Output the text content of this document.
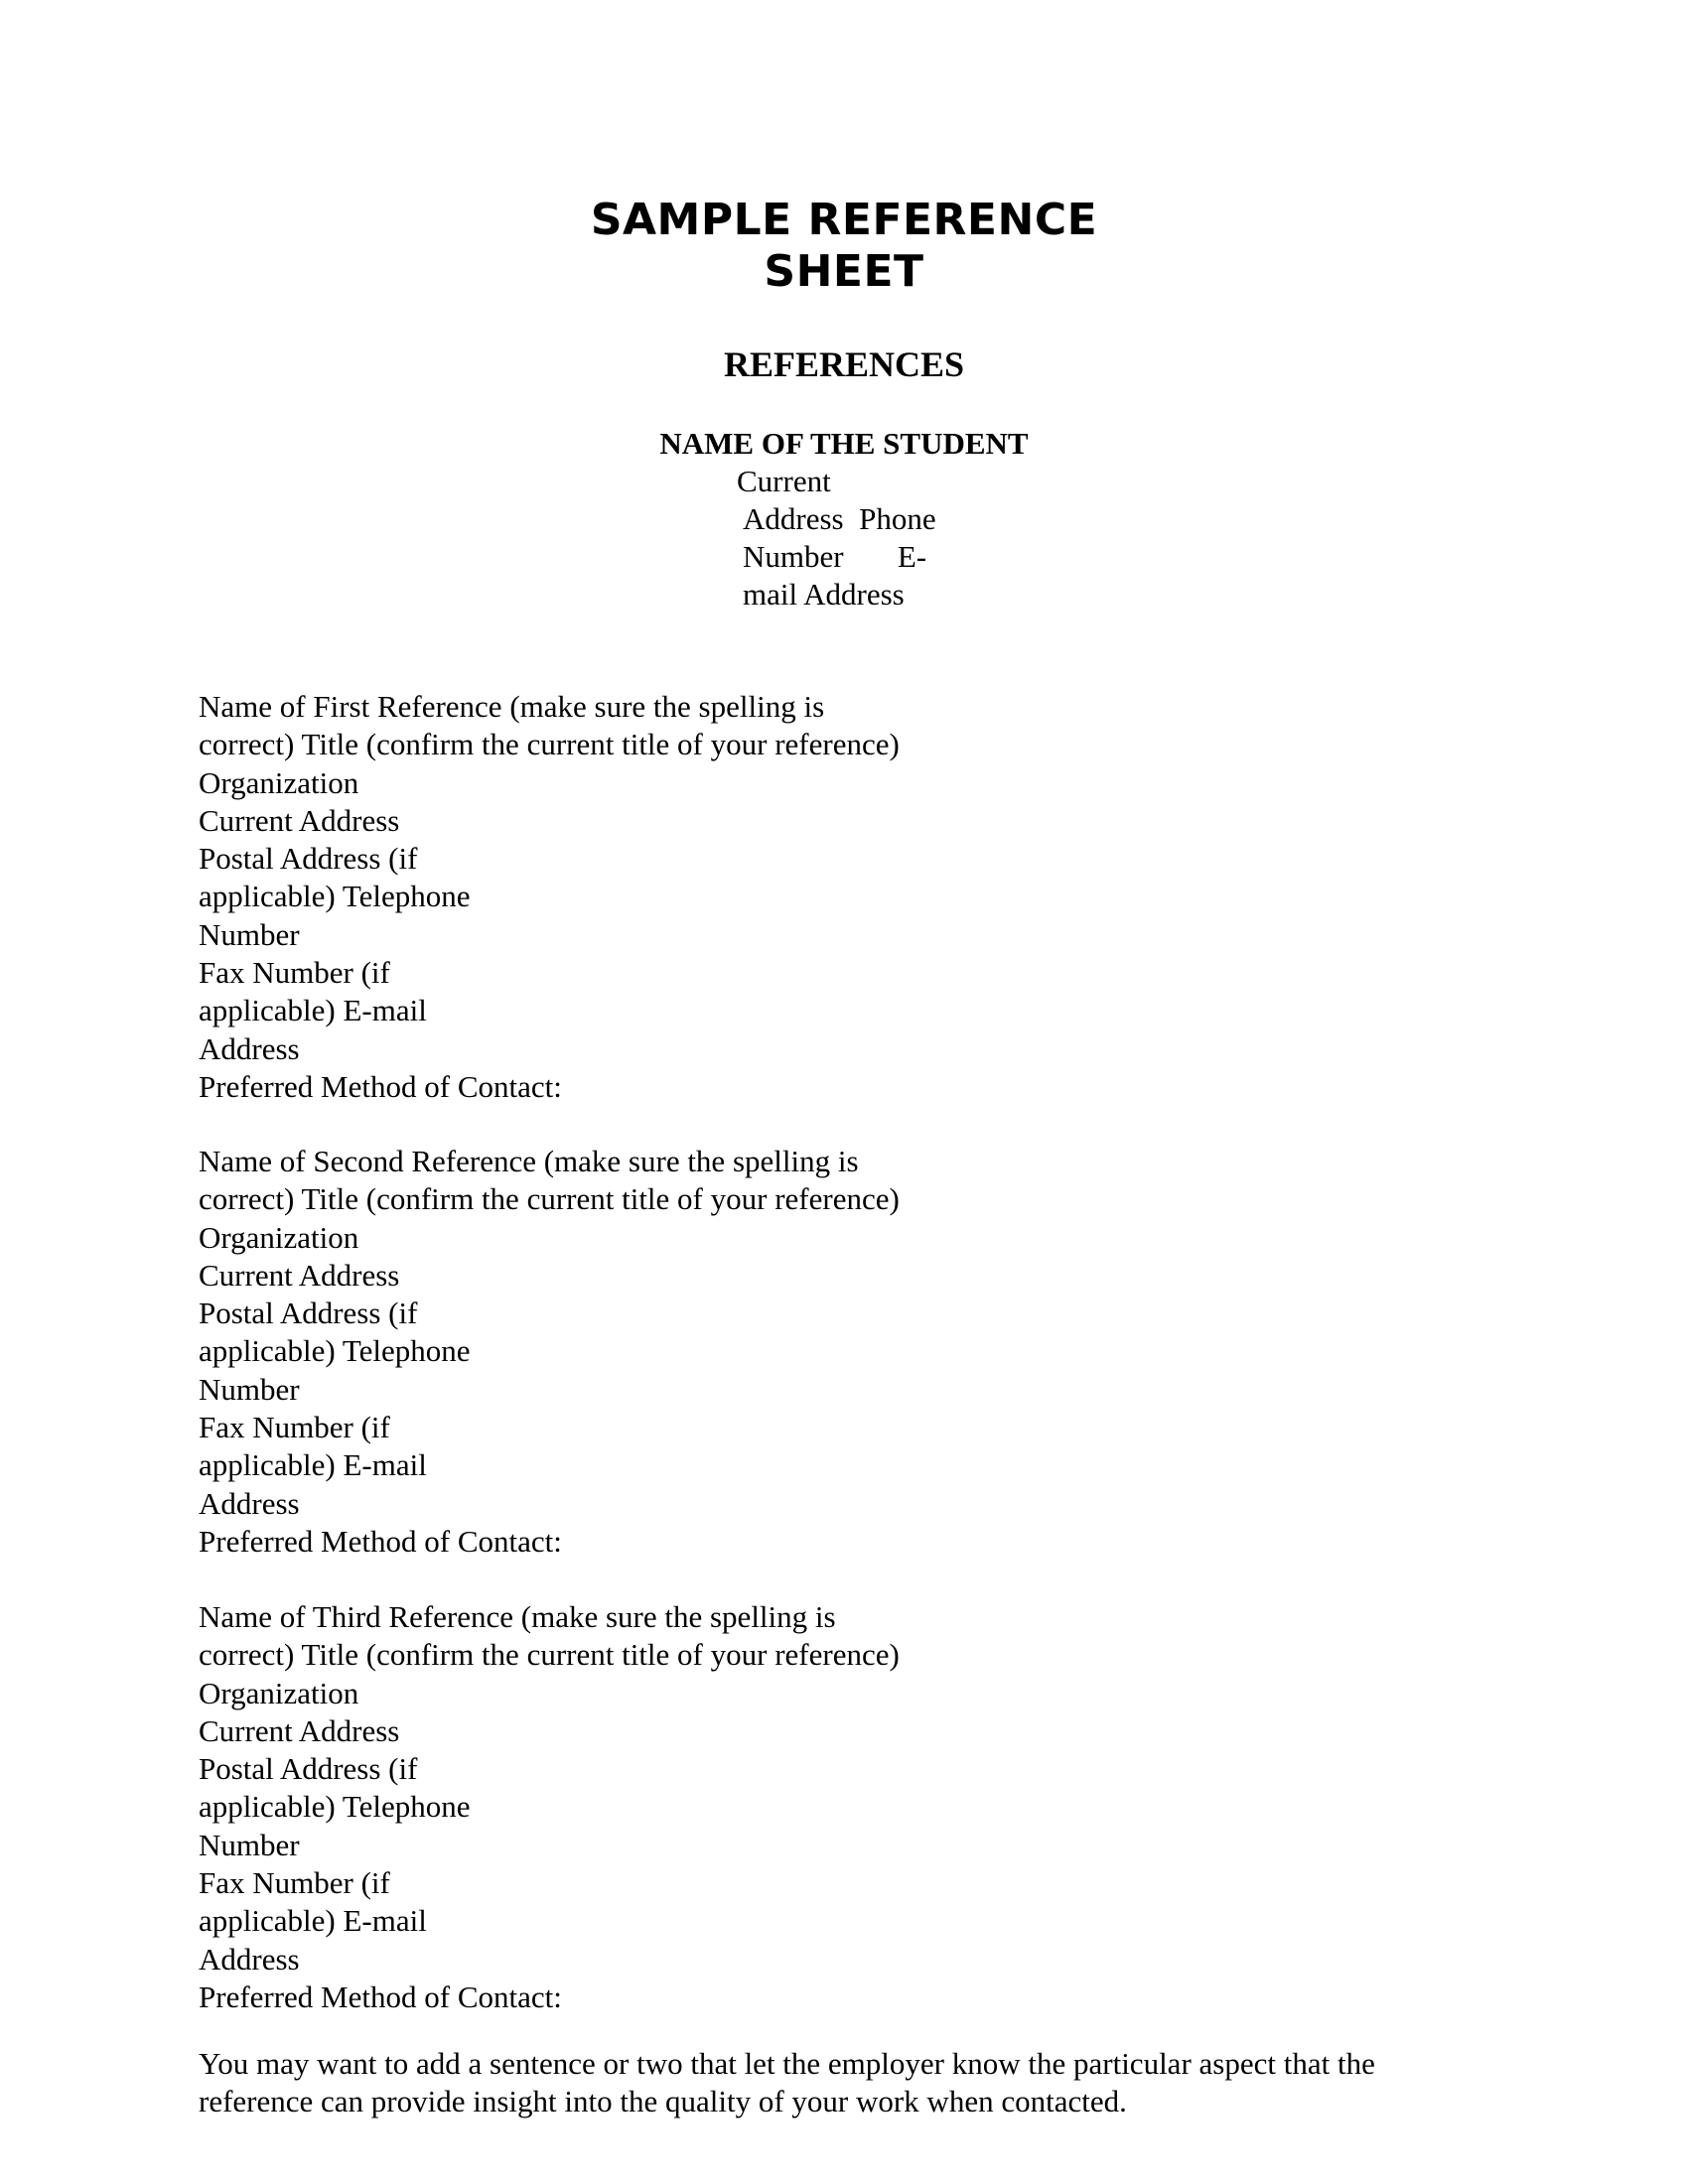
SAMPLE REFERENCE
SHEET
REFERENCES
NAME OF THE STUDENT
Current
Address  Phone
Number       E-
mail Address
Name of First Reference (make sure the spelling is
correct) Title (confirm the current title of your reference)
Organization
Current Address
Postal Address (if
applicable) Telephone
Number
Fax Number (if
applicable) E-mail
Address
Preferred Method of Contact:
Name of Second Reference (make sure the spelling is
correct) Title (confirm the current title of your reference)
Organization
Current Address
Postal Address (if
applicable) Telephone
Number
Fax Number (if
applicable) E-mail
Address
Preferred Method of Contact:
Name of Third Reference (make sure the spelling is
correct) Title (confirm the current title of your reference)
Organization
Current Address
Postal Address (if
applicable) Telephone
Number
Fax Number (if
applicable) E-mail
Address
Preferred Method of Contact:
You may want to add a sentence or two that let the employer know the particular aspect that the
reference can provide insight into the quality of your work when contacted.
